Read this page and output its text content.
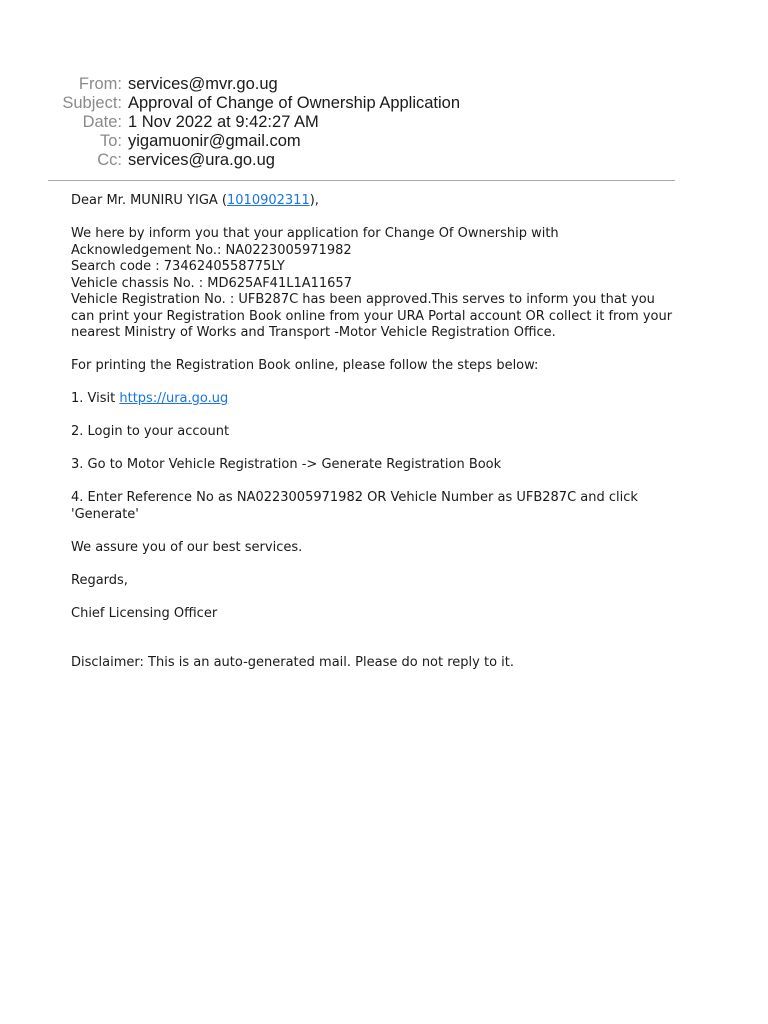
From: services@mvr.go.ug
Subject: Approval of Change of Ownership Application
Date: 1 Nov 2022 at 9:42:27 AM
To: yigamuonir@gmail.com
Cc: services@ura.go.ug

Dear Mr. MUNIRU YIGA (1010902311),

We here by inform you that your application for Change Of Ownership with
Acknowledgement No.: NA0223005971982
Search code : 7346240558775LY
Vehicle chassis No. : MD625AF41L1A11657
Vehicle Registration No. : UFB287C has been approved.This serves to inform you that you
can print your Registration Book online from your URA Portal account OR collect it from your
nearest Ministry of Works and Transport -Motor Vehicle Registration Office.

For printing the Registration Book online, please follow the steps below:

1. Visit https://ura.go.ug

2. Login to your account

3. Go to Motor Vehicle Registration -> Generate Registration Book

4. Enter Reference No as NA0223005971982 OR Vehicle Number as UFB287C and click
'Generate'

We assure you of our best services.

Regards,

Chief Licensing Officer

Disclaimer: This is an auto-generated mail. Please do not reply to it.
